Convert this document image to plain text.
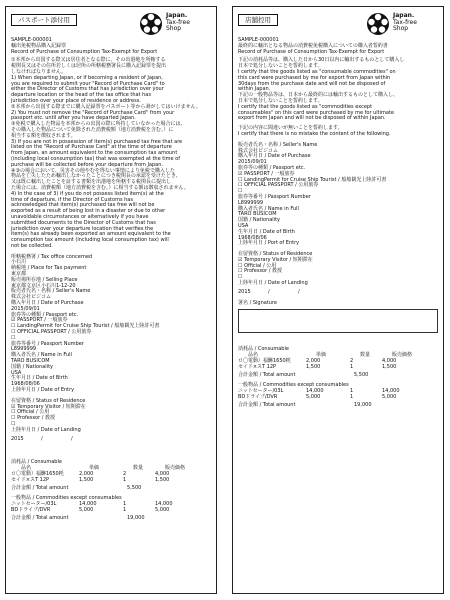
パスポート添付用
Japan.
Tax-free
Shop

SAMPLE-000001

輸出免税物品購入記録票

Record of Purchase of Consumption Tax-Exempt for Export

①本邦から出国する際又は居住者となる際に、その出港地を所轄する

税関長又はその住所若しくは居所の所轄税務署長に購入記録票を提出

しなければなりません。

1) When departing Japan, or if becoming a resident of Japan,

you are required to submit your "Record of Purchase Card" to

either the Director of Customs that has jurisdiction over your

departure location or the head of the tax office that has

jurisdiction over your place of residence or address.

②本邦から出国する際までに購入記録票をパスポート等から剥がしてはいけません。

2) You must not remove the "Record of Purchase Card" from your

passport etc. until after you have departed Japan.

③免税で購入した物品を本邦からの出国の際に所持していなかった場合には、

その購入した物品について免除された消費税額（地方消費税を含む。）に

相当する額を徴収されます。

3) If you are not in possession of item(s) purchased tax free that are

listed on the "Record of Purchase Card" at the time of departure

from Japan, an amount equivalent to the consumption tax amount

(including local consumption tax) that was exempted at the time of

purchase will be collected before your departure from Japan.

④③の場合において、災害その他やむを得ない事情により免税で購入した

物品を亡失したため輸出しなかったことにつき税関長の承認を受けたとき、

又は既に輸出したことを証する書類を出港地を所轄する税関長に提出し

た場合には、消費税額（地方消費税を含む。）に相当する額は徴収されません。

4) In the case of 3) if you do not possess listed item(s) at the

time of departure, if the Director of Customs has

acknowledged that item(s) purchased tax free will not be

exported as a result of being lost in a disaster or due to other

unavoidable circumstances or alternatively if you have

submitted documents to the Director of Customs that has

jurisdiction over your departure location that verifies the

item(s) has already been exported an amount equivalent to the

consumption tax amount (including local consumption tax) will

not be collected.

所轄税務署 / Tax office concerned

小石川

納税地 / Place for Tax payment

東京都

販売場所在地 / Selling Place

東京都文京区小石川1-12-20

販売者氏名・名称 / Seller's Name

株式会社ビジコム

購入年月日 / Date of Purchase

2015/09/01

旅券等の種類 / Passport etc.

☑ PASSPORT / 一般旅券

☐ LandingPermit for Cruise Ship Tourist / 船舶観光上陸許可書

☐ OFFICIAL PASSPORT / 公用旅券

☐

旅券等番号 / Passport Number

L8999999

購入者氏名 / Name in Full

TARO BUSICOM

国籍 / Nationality

USA

生年月日 / Date of Birth

1968/08/06

上陸年月日 / Date of Entry

在留資格 / Status of Residence

☑ Temporary Visitor / 短期滞在

☐ Official / 公用

☐ Professor / 教授

☐

上陸年月日 / Date of Landing

2015	/	/

消耗品 / Consumable

品名	単価	数量	販売価格
ロ〇電動）福醂1650粍	2,000	2	4,000
セイド×スT 12P	1,500	1	1,500
合計金額 / Total amount	5,500

一般物品 / Commodities except consumables

ニットセーター/03L	14,000	1	14,000
BDドライブ/DVR	5,000	1	5,000
合計金額 / Total amount	19,000
店舗控用
Japan.
Tax-free
Shop

SAMPLE-000001

最終的に輸出となる物品の消費税免税購入についての購入者誓約書

Record of Purchase of Consumption Tax-Exempt for Export

下記の消耗品等は、購入した日から30日以内に輸出するものとして購入し

日本で処分しないことを誓約します。

I certify that the goods listed as "consumable commodities" on

this card were purchased by me for export from Japan within

30days from the purchase date and will not be disposed of

within Japan.

下記の一般物品等は、日本から最終的には輸出するものとして購入し、

日本で処分しないことを誓約します。

I certify that the goods listed as "commodities except

consumables" on this card were purchased by me for ultimate

export from Japan and will not be disposed of within Japan.

下記の内容に間違いが無いことを誓約します。

I certify that there is no mistake the content of the following.

販売者氏名・名称 / Seller's Name

株式会社ビジコム

購入年月日 / Date of Purchase

2015/09/01

旅券等の種類 / Passport etc.

☑ PASSPORT / 一般旅券

☐ LandingPermit for Cruise Ship Tourist / 船舶観光上陸許可書

☐ OFFICIAL PASSPORT / 公用旅券

☐

旅券等番号 / Passport Number

L8999999

購入者氏名 / Name in Full

TARO BUSICOM

国籍 / Nationality

USA

生年月日 / Date of Birth

1968/08/06

上陸年月日 / Port of Entry

在留資格 / Status of Residence

☑ Temporary Visitor / 短期滞在

☐ Official / 公用

☐ Professor / 教授

☐

上陸年月日 / Date of Landing

2015	/	/

署名 / Signature

消耗品 / Consumable

品名	単価	数量	販売価格
ロ〇電動）福醂1650粍	2,000	2	4,000
セイド×スT 12P	1,500	1	1,500
合計金額 / Total amount	5,500

一般物品 / Commodities except consumables

ニットセーター/03L	14,000	1	14,000
BDドライブ/DVR	5,000	1	5,000
合計金額 / Total amount	19,000
